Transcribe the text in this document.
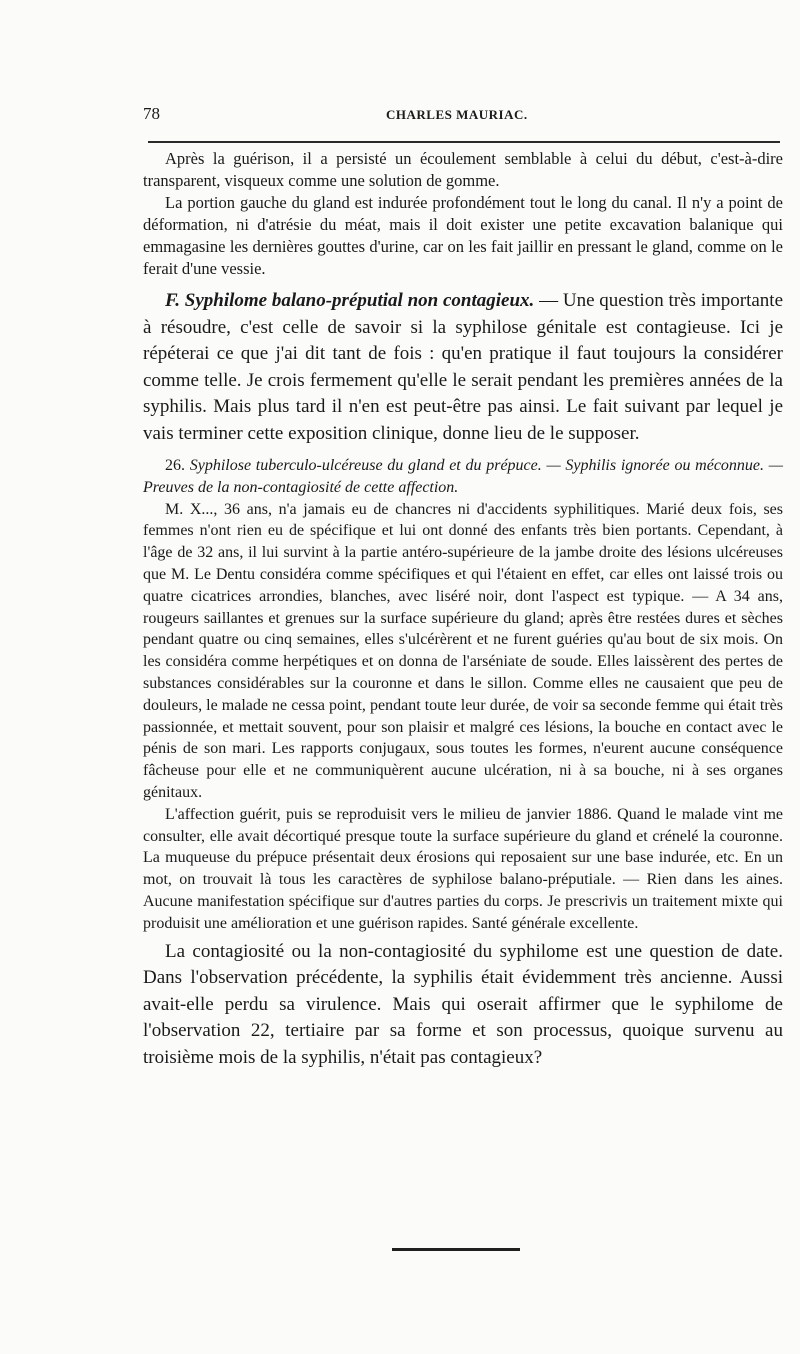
78	CHARLES MAURIAC.

Après la guérison, il a persisté un écoulement semblable à celui du début, c'est-à-dire transparent, visqueux comme une solution de gomme.

La portion gauche du gland est indurée profondément tout le long du canal. Il n'y a point de déformation, ni d'atrésie du méat, mais il doit exister une petite excavation balanique qui emmagasine les dernières gouttes d'urine, car on les fait jaillir en pressant le gland, comme on le ferait d'une vessie.

F. Syphilome balano-préputial non contagieux. — Une question très importante à résoudre, c'est celle de savoir si la syphilose génitale est contagieuse. Ici je répéterai ce que j'ai dit tant de fois : qu'en pratique il faut toujours la considérer comme telle. Je crois fermement qu'elle le serait pendant les premières années de la syphilis. Mais plus tard il n'en est peut-être pas ainsi. Le fait suivant par lequel je vais terminer cette exposition clinique, donne lieu de le supposer.

26. Syphilose tuberculo-ulcéreuse du gland et du prépuce. — Syphilis ignorée ou méconnue. — Preuves de la non-contagiosité de cette affection.

M. X..., 36 ans, n'a jamais eu de chancres ni d'accidents syphilitiques. Marié deux fois, ses femmes n'ont rien eu de spécifique et lui ont donné des enfants très bien portants. Cependant, à l'âge de 32 ans, il lui survint à la partie antéro-supérieure de la jambe droite des lésions ulcéreuses que M. Le Dentu considéra comme spécifiques et qui l'étaient en effet, car elles ont laissé trois ou quatre cicatrices arrondies, blanches, avec liséré noir, dont l'aspect est typique. — A 34 ans, rougeurs saillantes et grenues sur la surface supérieure du gland; après être restées dures et sèches pendant quatre ou cinq semaines, elles s'ulcérèrent et ne furent guéries qu'au bout de six mois. On les considéra comme herpétiques et on donna de l'arséniate de soude. Elles laissèrent des pertes de substances considérables sur la couronne et dans le sillon. Comme elles ne causaient que peu de douleurs, le malade ne cessa point, pendant toute leur durée, de voir sa seconde femme qui était très passionnée, et mettait souvent, pour son plaisir et malgré ces lésions, la bouche en contact avec le pénis de son mari. Les rapports conjugaux, sous toutes les formes, n'eurent aucune conséquence fâcheuse pour elle et ne communiquèrent aucune ulcération, ni à sa bouche, ni à ses organes génitaux.

L'affection guérit, puis se reproduisit vers le milieu de janvier 1886. Quand le malade vint me consulter, elle avait décortiqué presque toute la surface supérieure du gland et crénelé la couronne. La muqueuse du prépuce présentait deux érosions qui reposaient sur une base indurée, etc. En un mot, on trouvait là tous les caractères de syphilose balano-préputiale. — Rien dans les aines. Aucune manifestation spécifique sur d'autres parties du corps. Je prescrivis un traitement mixte qui produisit une amélioration et une guérison rapides. Santé générale excellente.

La contagiosité ou la non-contagiosité du syphilome est une question de date. Dans l'observation précédente, la syphilis était évidemment très ancienne. Aussi avait-elle perdu sa virulence. Mais qui oserait affirmer que le syphilome de l'observation 22, tertiaire par sa forme et son processus, quoique survenu au troisième mois de la syphilis, n'était pas contagieux?
